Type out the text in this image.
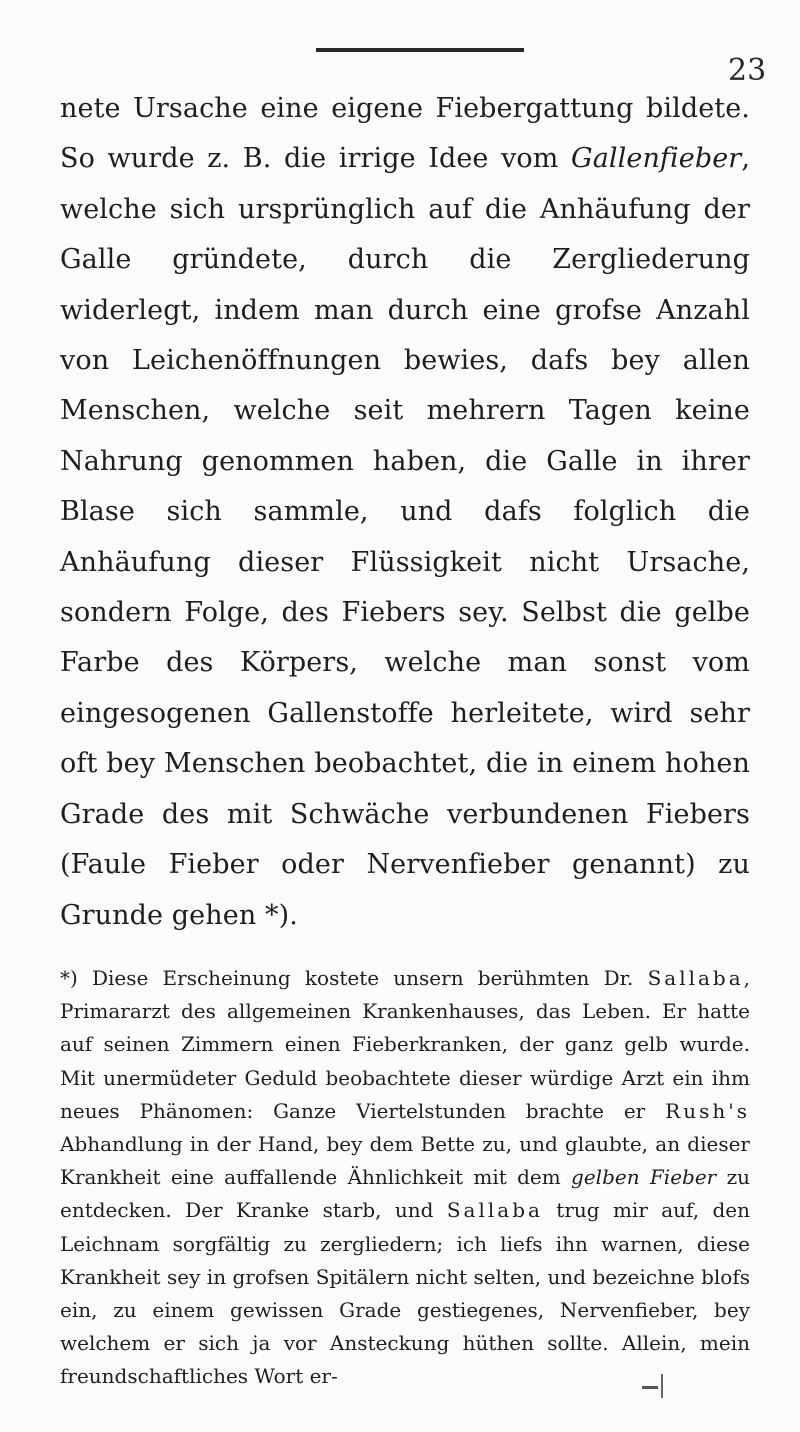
23

nete Ursache eine eigene Fiebergattung bildete. So wurde z. B. die irrige Idee vom Gallenfieber, welche sich ursprünglich auf die Anhäufung der Galle gründete, durch die Zergliederung widerlegt, indem man durch eine grofse Anzahl von Leichenöffnungen bewies, dafs bey allen Menschen, welche seit mehrern Tagen keine Nahrung genommen haben, die Galle in ihrer Blase sich sammle, und dafs folglich die Anhäufung dieser Flüssigkeit nicht Ursache, sondern Folge, des Fiebers sey. Selbst die gelbe Farbe des Körpers, welche man sonst vom eingesogenen Gallenstoffe herleitete, wird sehr oft bey Menschen beobachtet, die in einem hohen Grade des mit Schwäche verbundenen Fiebers (Faule Fieber oder Nervenfieber genannt) zu Grunde gehen *).

*) Diese Erscheinung kostete unsern berühmten Dr. Sallaba, Primararzt des allgemeinen Krankenhauses, das Leben. Er hatte auf seinen Zimmern einen Fieberkranken, der ganz gelb wurde. Mit unermüdeter Geduld beobachtete dieser würdige Arzt ein ihm neues Phänomen: Ganze Viertelstunden brachte er Rush's Abhandlung in der Hand, bey dem Bette zu, und glaubte, an dieser Krankheit eine auffallende Ähnlichkeit mit dem gelben Fieber zu entdecken. Der Kranke starb, und Sallaba trug mir auf, den Leichnam sorgfältig zu zergliedern; ich liefs ihn warnen, diese Krankheit sey in grofsen Spitälern nicht selten, und bezeichne blofs ein, zu einem gewissen Grade gestiegenes, Nervenfieber, bey welchem er sich ja vor Ansteckung hüthen sollte. Allein, mein freundschaftliches Wort er-
